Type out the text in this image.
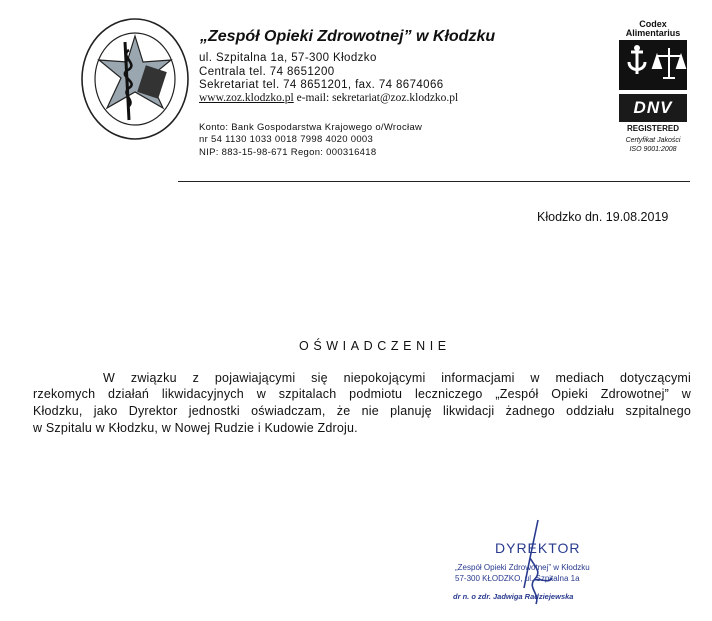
„Zespół Opieki Zdrowotnej” w Kłodzku
ul. Szpitalna 1a, 57-300 Kłodzko
Centrala tel. 74 8651200
Sekretariat tel. 74 8651201, fax. 74 8674066
www.zoz.klodzko.pl e-mail: sekretariat@zoz.klodzko.pl
Konto: Bank Gospodarstwa Krajowego o/Wrocław
nr 54 1130 1033 0018 7998 4020 0003
NIP: 883-15-98-671 Regon: 000316418
Codex
Alimentarius
DNV
REGISTERED
Certyfikat Jakości
ISO 9001:2008
Kłodzko dn. 19.08.2019
OŚWIADCZENIE
W związku z pojawiającymi się niepokojącymi informacjami w mediach dotyczącymi
rzekomych działań likwidacyjnych w szpitalach podmiotu leczniczego „Zespół Opieki Zdrowotnej” w
Kłodzku, jako Dyrektor jednostki oświadczam, że nie planuję likwidacji żadnego oddziału szpitalnego
w Szpitalu w Kłodzku, w Nowej Rudzie i Kudowie Zdroju.
DYREKTOR
„Zespół Opieki Zdrowotnej” w Kłodzku
57-300 KŁODZKO, ul. Szpitalna 1a
dr n. o zdr. Jadwiga Radziejewska
